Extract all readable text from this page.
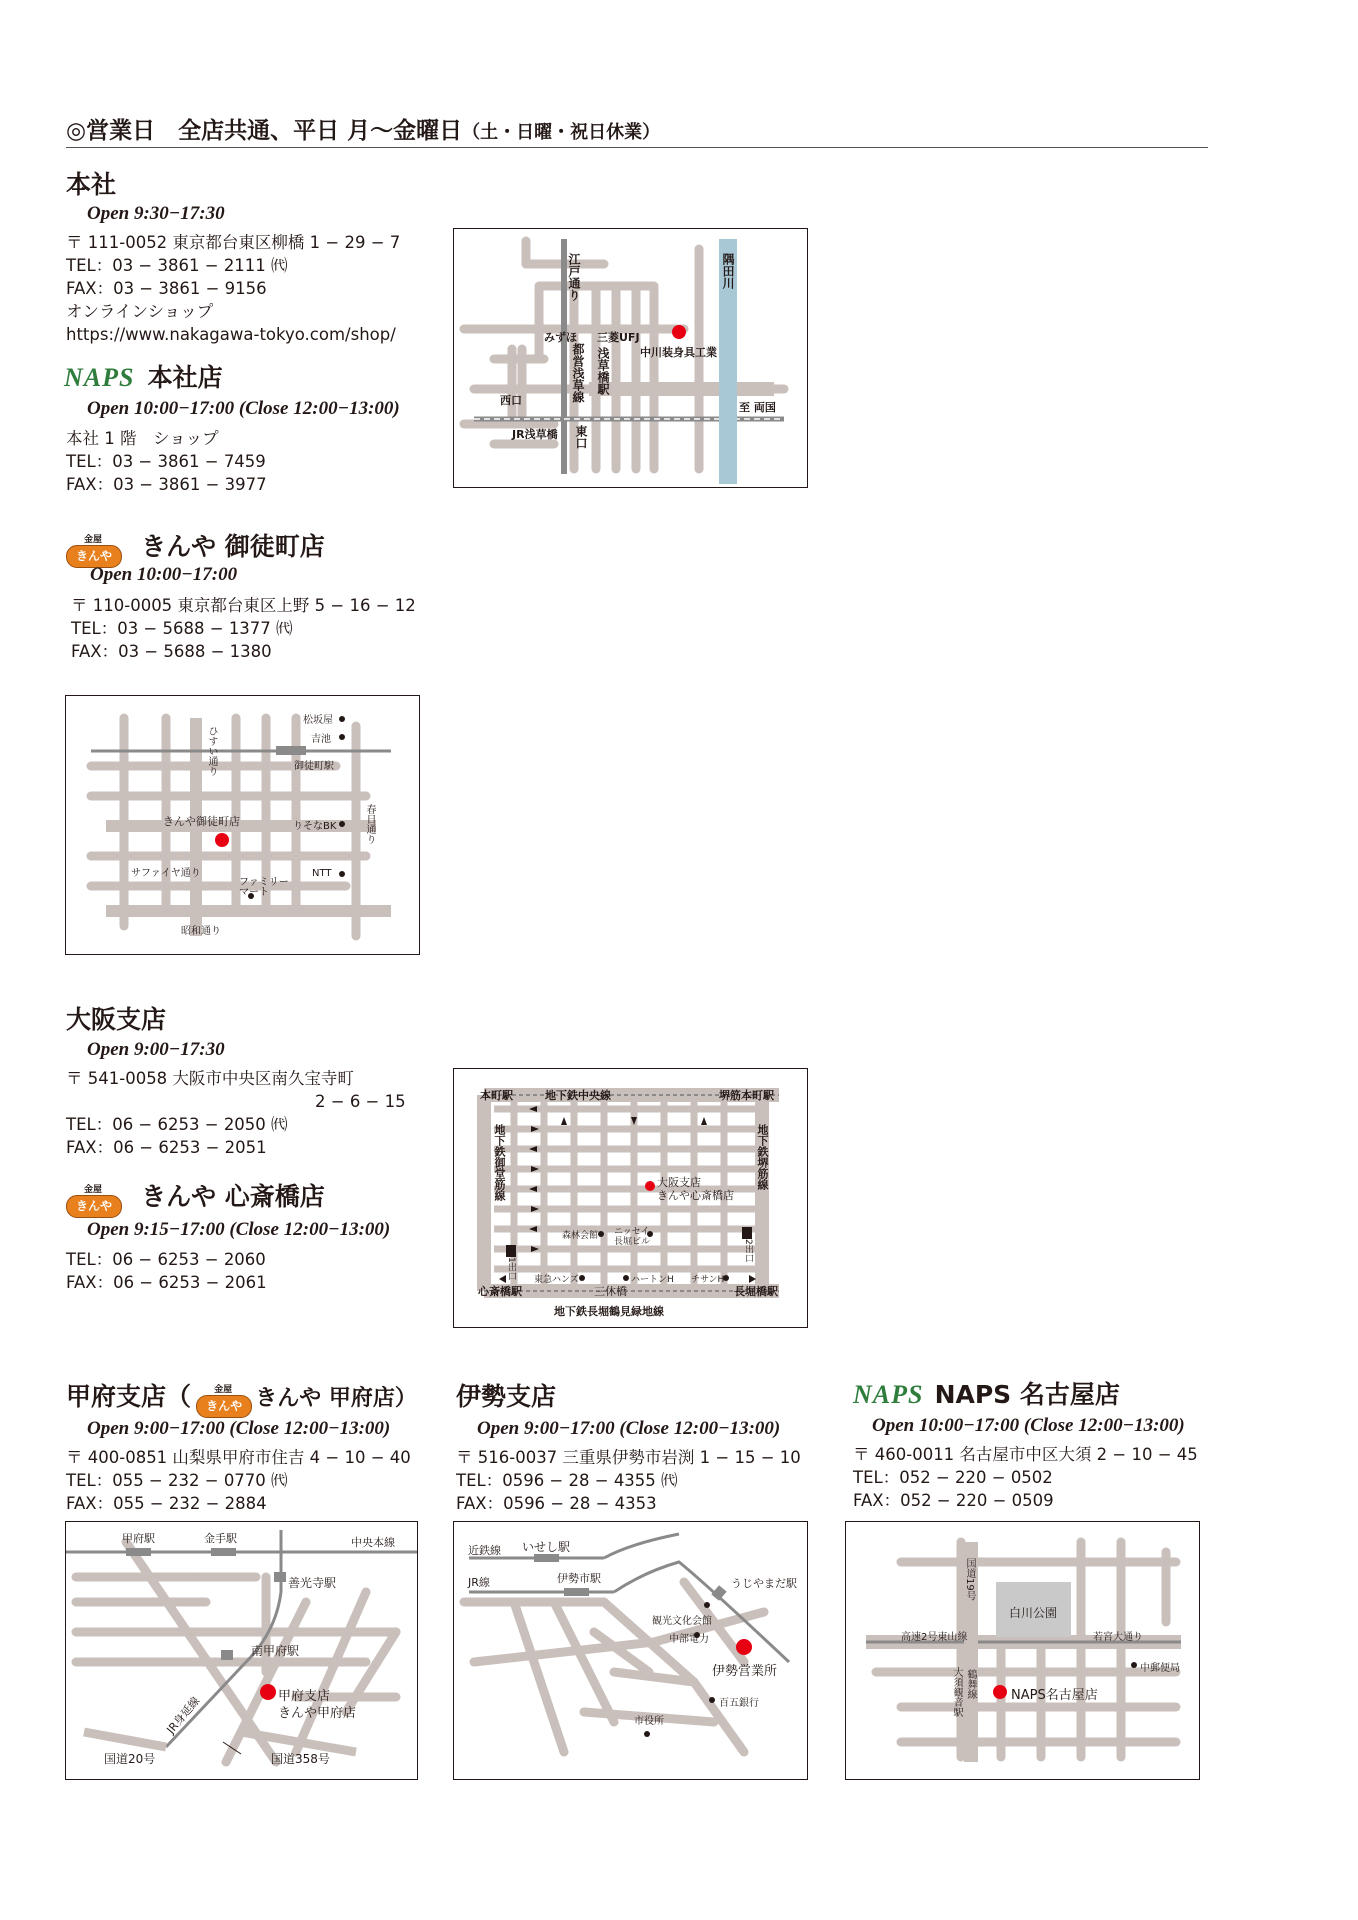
◎営業日　全店共通、平日 月〜金曜日（土・日曜・祝日休業）
本社
Open 9:30−17:30
〒 111-0052 東京都台東区柳橋 1 − 29 − 7
TEL：03 − 3861 − 2111 ㈹
FAX：03 − 3861 − 9156
オンラインショップ
https://www.nakagawa-tokyo.com/shop/
NAPS 本社店
Open 10:00−17:00 (Close 12:00−13:00)
本社 1 階　ショップ
TEL：03 − 3861 − 7459
FAX：03 − 3861 − 3977
江戸通り	隅田川
みずほ 三菱UFJ
都営浅草線 浅草橋駅	中川装身具工業
西口
至 両国
JR浅草橋 東口
金屋
きんや	きんや 御徒町店
Open 10:00−17:00
〒 110-0005 東京都台東区上野 5 − 16 − 12
TEL：03 − 5688 − 1377 ㈹
FAX：03 − 5688 − 1380
松坂屋
吉池
御徒町駅
ひすい通り
きんや御徒町店	りそなBK	春日通り
サファイヤ通り	NTT
ファミリーマート
昭和通り
大阪支店
Open 9:00−17:30
〒 541-0058 大阪市中央区南久宝寺町
2 − 6 − 15
TEL：06 − 6253 − 2050 ㈹
FAX：06 − 6253 − 2051
金屋
きんや	きんや 心斎橋店
Open 9:15−17:00 (Close 12:00−13:00)
TEL：06 − 6253 − 2060
FAX：06 − 6253 − 2061
本町駅	地下鉄中央線	堺筋本町駅
地下鉄御堂筋線	地下鉄堺筋線
大阪支店
きんや心斎橋店
森林会館 ニッセイ
長堀ビル
東急ハンズ	ハートンH チサンH
1出口
2出口
心斎橋駅	三休橋	長堀橋駅
地下鉄長堀鶴見緑地線
甲府支店（	金屋
きんや きんや 甲府店）
Open 9:00−17:00 (Close 12:00−13:00)
〒 400-0851 山梨県甲府市住吉 4 − 10 − 40
TEL：055 − 232 − 0770 ㈹
FAX：055 − 232 − 2884
甲府駅	金手駅	中央本線
善光寺駅
南甲府駅
甲府支店
きんや甲府店
JR身延線
国道20号	国道358号
伊勢支店
Open 9:00−17:00 (Close 12:00−13:00)
〒 516-0037 三重県伊勢市岩渕 1 − 15 − 10
TEL：0596 − 28 − 4355 ㈹
FAX：0596 − 28 − 4353
近鉄線 いせし駅
JR線	伊勢市駅	うじやまだ駅
観光文化会館
中部電力
伊勢営業所
市役所
百五銀行
NAPS NAPS 名古屋店
Open 10:00−17:00 (Close 12:00−13:00)
〒 460-0011 名古屋市中区大須 2 − 10 − 45
TEL：052 − 220 − 0502
FAX：052 − 220 − 0509
国道19号
白川公園
高速2号東山線	若宮大通り
中郵便局
鶴舞線
大須観音駅	NAPS名古屋店
